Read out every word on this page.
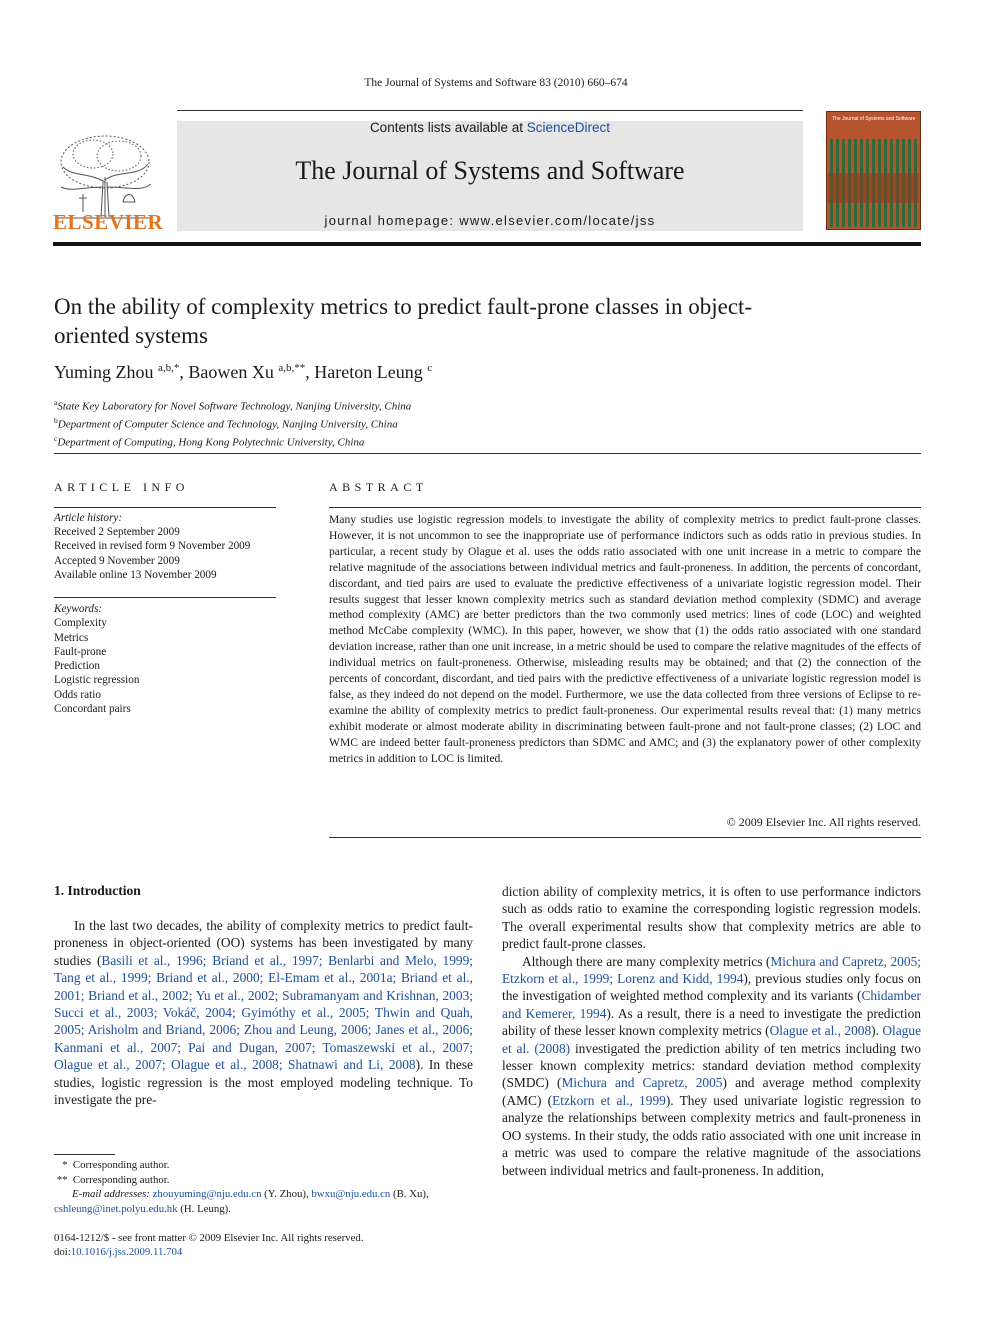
The Journal of Systems and Software 83 (2010) 660–674
ELSEVIER
Contents lists available at ScienceDirect
The Journal of Systems and Software
journal homepage: www.elsevier.com/locate/jss
The Journal of Systems and Software
On the ability of complexity metrics to predict fault-prone classes in object-oriented systems
Yuming Zhou $^{a,b,*}$, Baowen Xu $^{a,b,**}$, Hareton Leung $^c$
$^a$State Key Laboratory for Novel Software Technology, Nanjing University, China
$^b$Department of Computer Science and Technology, Nanjing University, China
$^c$Department of Computing, Hong Kong Polytechnic University, China
ARTICLE INFO	ABSTRACT
Article history:
Received 2 September 2009
Received in revised form 9 November 2009
Accepted 9 November 2009
Available online 13 November 2009
Keywords:
Complexity
Metrics
Fault-prone
Prediction
Logistic regression
Odds ratio
Concordant pairs
Many studies use logistic regression models to investigate the ability of complexity metrics to predict fault-prone classes. However, it is not uncommon to see the inappropriate use of performance indictors such as odds ratio in previous studies. In particular, a recent study by Olague et al. uses the odds ratio associated with one unit increase in a metric to compare the relative magnitude of the associations between individual metrics and fault-proneness. In addition, the percents of concordant, discordant, and tied pairs are used to evaluate the predictive effectiveness of a univariate logistic regression model. Their results suggest that lesser known complexity metrics such as standard deviation method complexity (SDMC) and average method complexity (AMC) are better predictors than the two commonly used metrics: lines of code (LOC) and weighted method McCabe complexity (WMC). In this paper, however, we show that (1) the odds ratio associated with one standard deviation increase, rather than one unit increase, in a metric should be used to compare the relative magnitudes of the effects of individual metrics on fault-proneness. Otherwise, misleading results may be obtained; and that (2) the connection of the percents of concordant, discordant, and tied pairs with the predictive effectiveness of a univariate logistic regression model is false, as they indeed do not depend on the model. Furthermore, we use the data collected from three versions of Eclipse to re-examine the ability of complexity metrics to predict fault-proneness. Our experimental results reveal that: (1) many metrics exhibit moderate or almost moderate ability in discriminating between fault-prone and not fault-prone classes; (2) LOC and WMC are indeed better fault-proneness predictors than SDMC and AMC; and (3) the explanatory power of other complexity metrics in addition to LOC is limited.
© 2009 Elsevier Inc. All rights reserved.
1. Introduction

In the last two decades, the ability of complexity metrics to predict fault-proneness in object-oriented (OO) systems has been investigated by many studies (Basili et al., 1996; Briand et al., 1997; Benlarbi and Melo, 1999; Tang et al., 1999; Briand et al., 2000; El-Emam et al., 2001a; Briand et al., 2001; Briand et al., 2002; Yu et al., 2002; Subramanyam and Krishnan, 2003; Succi et al., 2003; Vokáč, 2004; Gyimóthy et al., 2005; Thwin and Quah, 2005; Arisholm and Briand, 2006; Zhou and Leung, 2006; Janes et al., 2006; Kanmani et al., 2007; Pai and Dugan, 2007; Tomaszewski et al., 2007; Olague et al., 2007; Olague et al., 2008; Shatnawi and Li, 2008). In these studies, logistic regression is the most employed modeling technique. To investigate the pre-

diction ability of complexity metrics, it is often to use performance indictors such as odds ratio to examine the corresponding logistic regression models. The overall experimental results show that complexity metrics are able to predict fault-prone classes.

Although there are many complexity metrics (Michura and Capretz, 2005; Etzkorn et al., 1999; Lorenz and Kidd, 1994), previous studies only focus on the investigation of weighted method complexity and its variants (Chidamber and Kemerer, 1994). As a result, there is a need to investigate the prediction ability of these lesser known complexity metrics (Olague et al., 2008). Olague et al. (2008) investigated the prediction ability of ten metrics including two lesser known complexity metrics: standard deviation method complexity (SMDC) (Michura and Capretz, 2005) and average method complexity (AMC) (Etzkorn et al., 1999). They used univariate logistic regression to analyze the relationships between complexity metrics and fault-proneness in OO systems. In their study, the odds ratio associated with one unit increase in a metric was used to compare the relative magnitude of the associations between individual metrics and fault-proneness. In addition,

* Corresponding author.
** Corresponding author.
E-mail addresses: zhouyuming@nju.edu.cn (Y. Zhou), bwxu@nju.edu.cn (B. Xu),
cshleung@inet.polyu.edu.hk (H. Leung).
0164-1212/$ - see front matter © 2009 Elsevier Inc. All rights reserved.
doi:10.1016/j.jss.2009.11.704
